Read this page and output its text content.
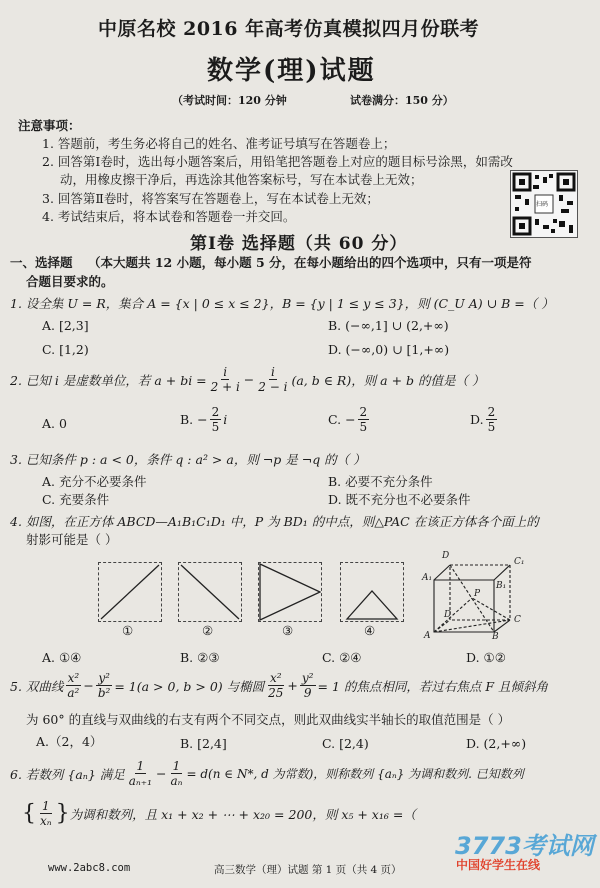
中原名校 2016 年高考仿真模拟四月份联考
数学(理)试题
（考试时间：120 分钟	试卷满分：150 分）
注意事项：
1. 答题前，考生务必将自己的姓名、准考证号填写在答题卷上；
2. 回答第Ⅰ卷时，选出每小题答案后，用铅笔把答题卷上对应的题目标号涂黑，如需改
动，用橡皮擦干净后，再选涂其他答案标号，写在本试卷上无效；
3. 回答第Ⅱ卷时，将答案写在答题卷上，写在本试卷上无效；
4. 考试结束后，将本试卷和答题卷一并交回。
扫码
第Ⅰ卷 选择题（共 60 分）
一、选择题 （本大题共 12 小题，每小题 5 分，在每小题给出的四个选项中，只有一项是符
合题目要求的。
1. 设全集 U = R，集合 A = {x | 0 ≤ x ≤ 2}，B = {y | 1 ≤ y ≤ 3}，则 (C_U A) ∪ B =（ ）
A. [2,3]	B. (−∞,1] ∪ (2,+∞)
C. [1,2)	D. (−∞,0) ∪ [1,+∞)
2. 已知 i 是虚数单位，若 a + bi = $\frac{i}{2 + i} - \frac{i}{2 - i} (a$, b ∈ R)，则 a + b 的值是（ ）
A. 0	B. − $\frac{2}{5}$ i	C. − $\frac{2}{5}$	D. $\frac{2}{5}$
3. 已知条件 p : a < 0，条件 q : a² > a，则 ¬p 是 ¬q 的（ ）
A. 充分不必要条件	B. 必要不充分条件
C. 充要条件	D. 既不充分也不必要条件
4. 如图，在正方体 ABCD—A₁B₁C₁D₁ 中，P 为 BD₁ 的中点，则△PAC 在该正方体各个面上的
射影可能是（ ）
①	②	③	④
D
C₁
A₁
B₁
P
D	C
A	B
A. ①④	B. ②③	C. ②④	D. ①②
5. 双曲线 $\frac{\text{x²}}{\text{a²}} - \frac{\text{y²}}{\text{b²}} = 1(a > 0$, b > 0) 与椭圆 $\frac{\text{x²}}{25} + \frac{\text{y²}}{9} = 1$ 的焦点相同，若过右焦点 F 且倾斜角
为 60° 的直线与双曲线的右支有两个不同交点，则此双曲线实半轴长的取值范围是（ ）
A.（2，4）	B. [2,4]	C. [2,4)	D. (2,+∞)
6. 若数列 {aₙ} 满足 $\frac{1}{\text{aₙ₊₁}} - \frac{1}{\text{aₙ}} = d(n$ ∈ N*, d 为常数)，则称数列 {aₙ} 为调和数列. 已知数列
{ $\frac{1}{\text{xₙ}}$ } 为调和数列，且 x₁ + x₂ + ⋯ + x₂₀ = 200，则 x₅ + x₁₆ =（
www.2abc8.com	高三数学（理）试题 第 1 页（共 4 页）
3773考试网
中国好学生在线
